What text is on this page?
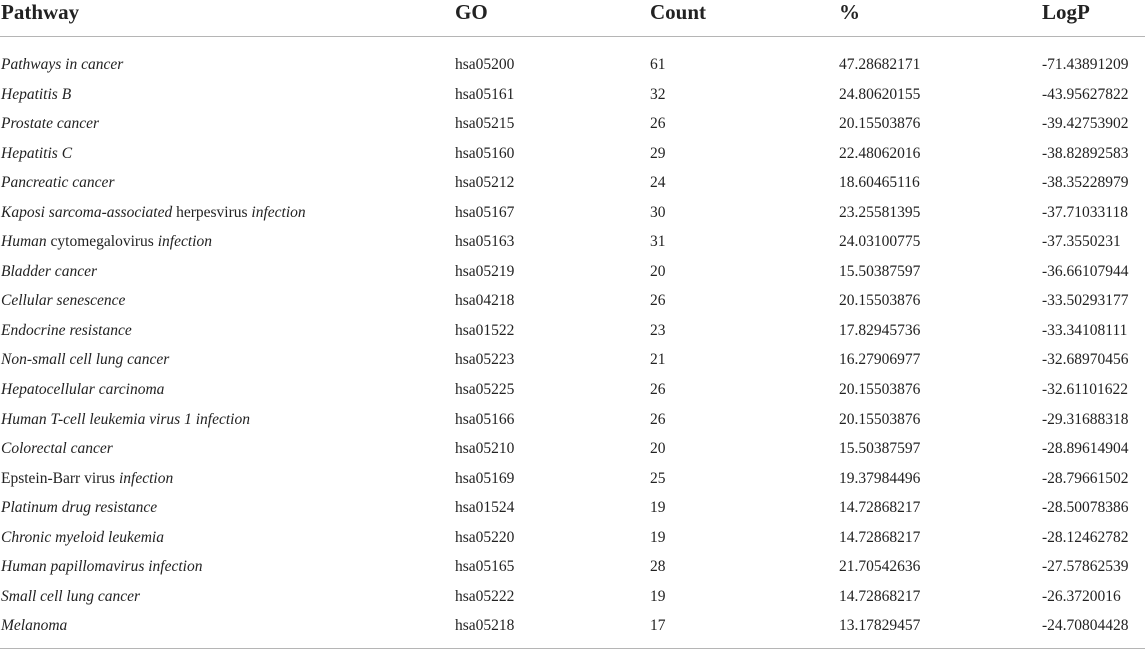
Pathway	GO	Count	%	LogP
Pathways in cancer	hsa05200	61	47.28682171	-71.43891209
Hepatitis B	hsa05161	32	24.80620155	-43.95627822
Prostate cancer	hsa05215	26	20.15503876	-39.42753902
Hepatitis C	hsa05160	29	22.48062016	-38.82892583
Pancreatic cancer	hsa05212	24	18.60465116	-38.35228979
Kaposi sarcoma-associated herpesvirus infection	hsa05167	30	23.25581395	-37.71033118
Human cytomegalovirus infection	hsa05163	31	24.03100775	-37.3550231
Bladder cancer	hsa05219	20	15.50387597	-36.66107944
Cellular senescence	hsa04218	26	20.15503876	-33.50293177
Endocrine resistance	hsa01522	23	17.82945736	-33.34108111
Non-small cell lung cancer	hsa05223	21	16.27906977	-32.68970456
Hepatocellular carcinoma	hsa05225	26	20.15503876	-32.61101622
Human T-cell leukemia virus 1 infection	hsa05166	26	20.15503876	-29.31688318
Colorectal cancer	hsa05210	20	15.50387597	-28.89614904
Epstein-Barr virus infection	hsa05169	25	19.37984496	-28.79661502
Platinum drug resistance	hsa01524	19	14.72868217	-28.50078386
Chronic myeloid leukemia	hsa05220	19	14.72868217	-28.12462782
Human papillomavirus infection	hsa05165	28	21.70542636	-27.57862539
Small cell lung cancer	hsa05222	19	14.72868217	-26.3720016
Melanoma	hsa05218	17	13.17829457	-24.70804428
